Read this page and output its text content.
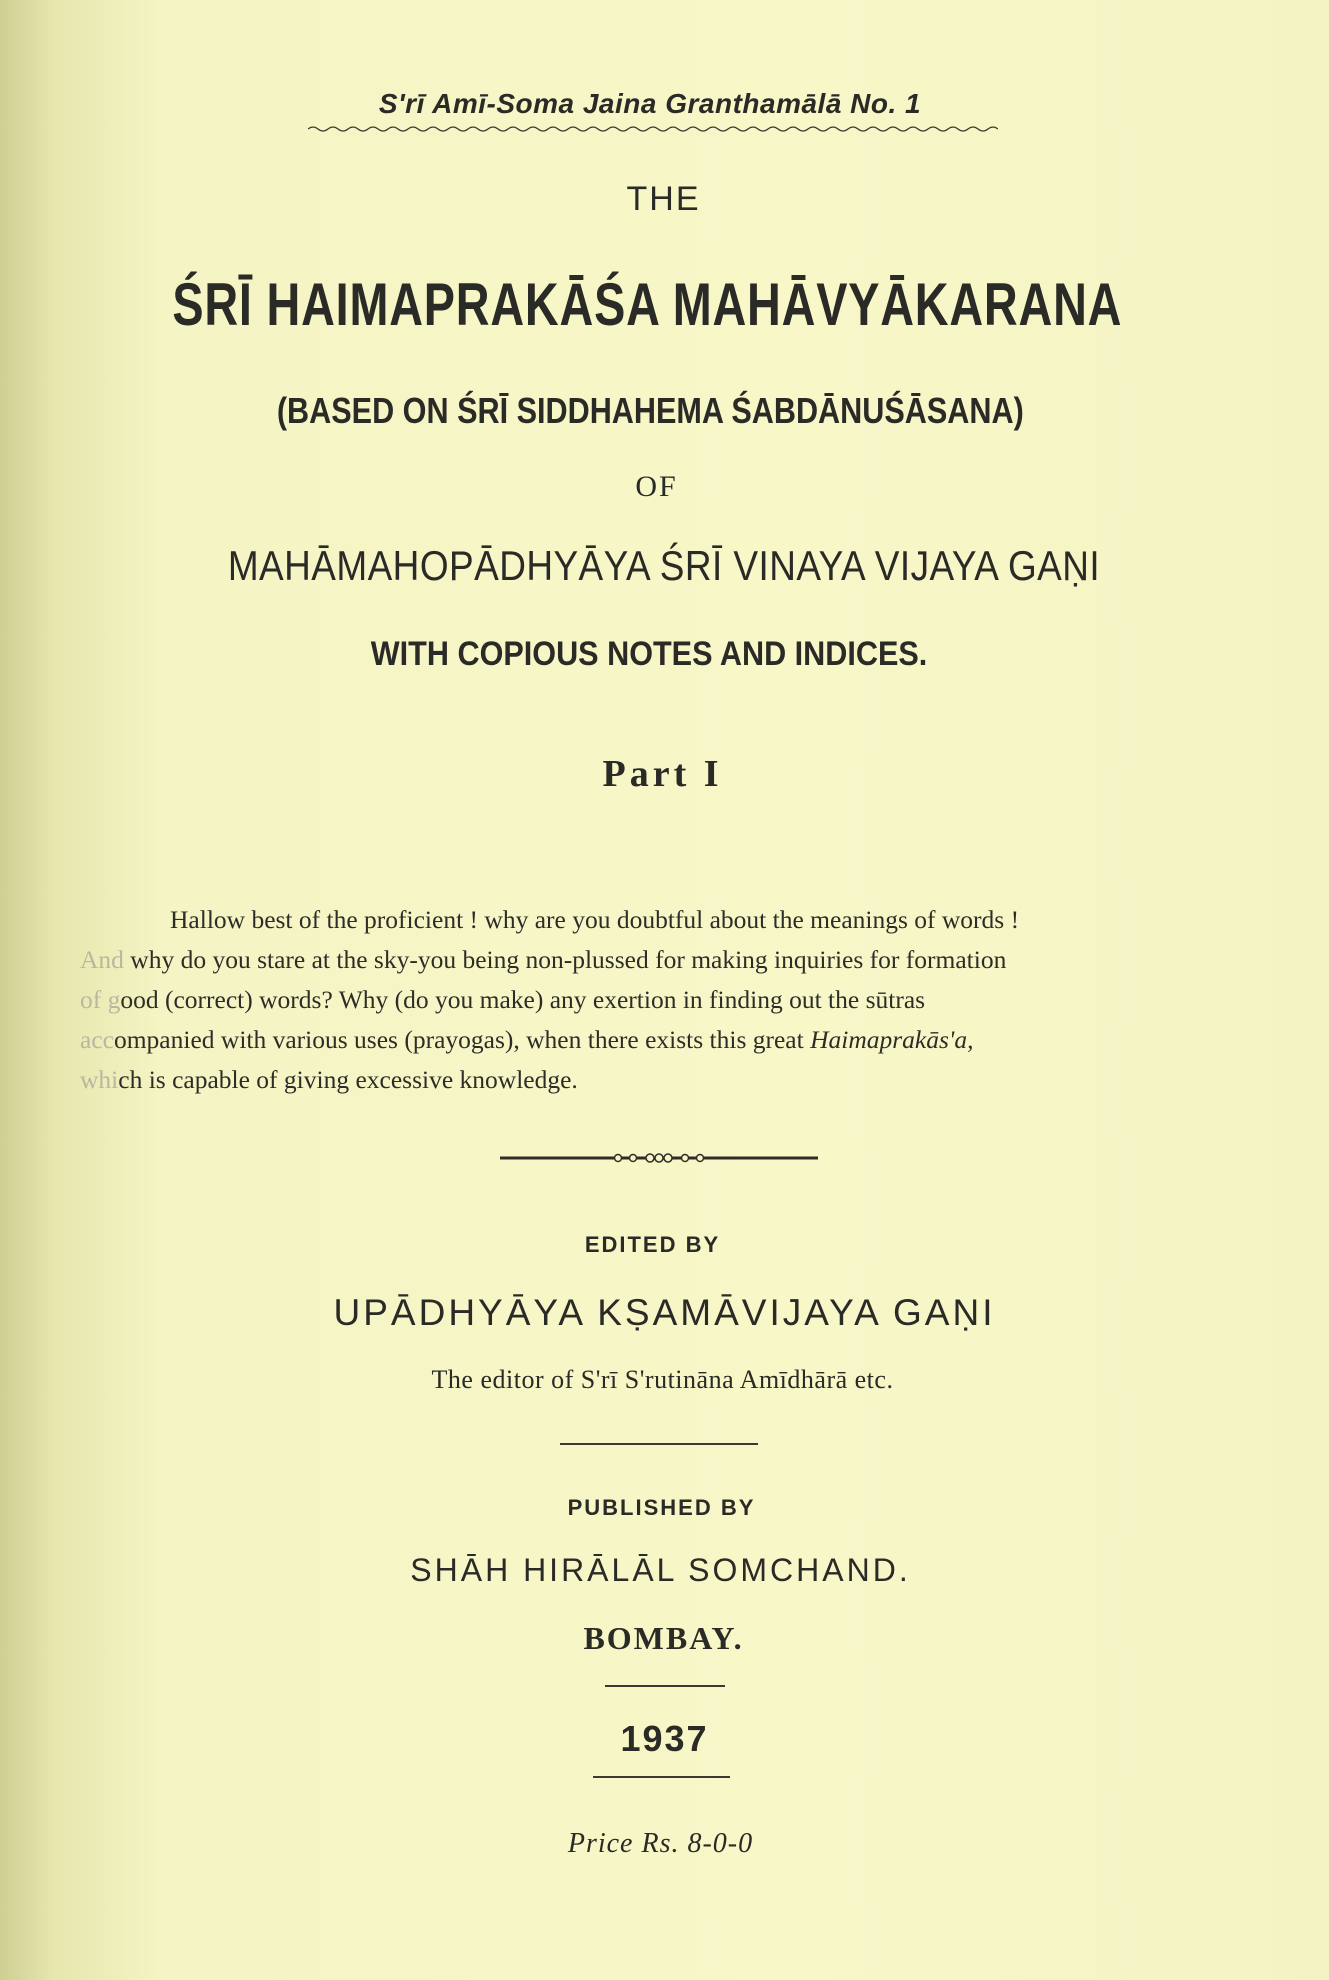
S'rī Amī-Soma Jaina Granthamālā No. 1
THE
ŚRĪ HAIMAPRAKĀŚA MAHĀVYĀKARANA
(BASED ON ŚRĪ SIDDHAHEMA ŚABDĀNUŚĀSANA)
OF
MAHĀMAHOPĀDHYĀYA ŚRĪ VINAYA VIJAYA GAṆI
WITH COPIOUS NOTES AND INDICES.
Part I

Hallow best of the proficient ! why are you doubtful about the meanings of words !

And why do you stare at the sky-you being non-plussed for making inquiries for formation

of good (correct) words? Why (do you make) any exertion in finding out the sūtras

accompanied with various uses (prayogas), when there exists this great Haimaprakās'a,

which is capable of giving excessive knowledge.

EDITED BY
UPĀDHYĀYA KṢAMĀVIJAYA GAṆI
The editor of S'rī S'rutināna Amīdhārā etc.
PUBLISHED BY
SHĀH HIRĀLĀL SOMCHAND.
BOMBAY.
1937
Price Rs. 8-0-0
